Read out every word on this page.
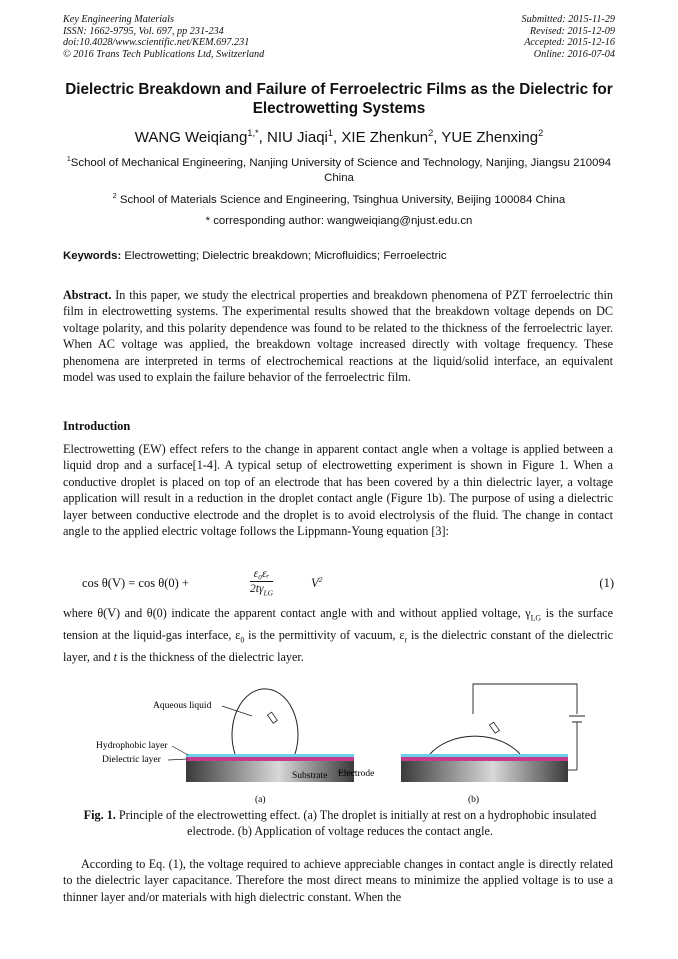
Key Engineering Materials
ISSN: 1662-9795, Vol. 697, pp 231-234
doi:10.4028/www.scientific.net/KEM.697.231
© 2016 Trans Tech Publications Ltd, Switzerland
Submitted: 2015-11-29
Revised: 2015-12-09
Accepted: 2015-12-16
Online: 2016-07-04
Dielectric Breakdown and Failure of Ferroelectric Films as the Dielectric for Electrowetting Systems
WANG Weiqiang$^{1,*}$, NIU Jiaqi$^1$, XIE Zhenkun$^2$, YUE Zhenxing$^2$
$^1$School of Mechanical Engineering, Nanjing University of Science and Technology, Nanjing, Jiangsu 210094 China
$^2$ School of Materials Science and Engineering, Tsinghua University, Beijing 100084 China
* corresponding author: wangweiqiang@njust.edu.cn
Keywords: Electrowetting; Dielectric breakdown; Microfluidics; Ferroelectric
Abstract. In this paper, we study the electrical properties and breakdown phenomena of PZT ferroelectric thin film in electrowetting systems. The experimental results showed that the breakdown voltage depends on DC voltage polarity, and this polarity dependence was found to be related to the thickness of the ferroelectric layer. When AC voltage was applied, the breakdown voltage increased directly with voltage frequency. These phenomena are interpreted in terms of electrochemical reactions at the liquid/solid interface, an equivalent model was used to explain the failure behavior of the ferroelectric film.
Introduction
Electrowetting (EW) effect refers to the change in apparent contact angle when a voltage is applied between a liquid drop and a surface[1-4]. A typical setup of electrowetting experiment is shown in Figure 1. When a conductive droplet is placed on top of an electrode that has been covered by a thin dielectric layer, a voltage application will result in a reduction in the droplet contact angle (Figure 1b). The purpose of using a dielectric layer between conductive electrode and the droplet is to avoid electrolysis of the fluid. The change in contact angle to the applied electric voltage follows the Lippmann-Young equation [3]:
cos θ(V) = cos θ(0) +
ε₀εᵣ
$2t\gamma_{LG}$
$V^2$	(1)
where θ(V) and θ(0) indicate the apparent contact angle with and without applied voltage, $\gamma_{LG}$ is the surface tension at the liquid-gas interface, $\varepsilon_0$ is the permittivity of vacuum, $\varepsilon_r$ is the dielectric constant of the dielectric layer, and t is the thickness of the dielectric layer.
Aqueous liquid
Hydrophobic layer
Dielectric layer
Substrate Electrode
(a)	(b)
Fig. 1. Principle of the electrowetting effect. (a) The droplet is initially at rest on a hydrophobic insulated electrode. (b) Application of voltage reduces the contact angle.
According to Eq. (1), the voltage required to achieve appreciable changes in contact angle is directly related to the dielectric layer capacitance. Therefore the most direct means to minimize the applied voltage is to use a thinner layer and/or materials with high dielectric constant. When the
